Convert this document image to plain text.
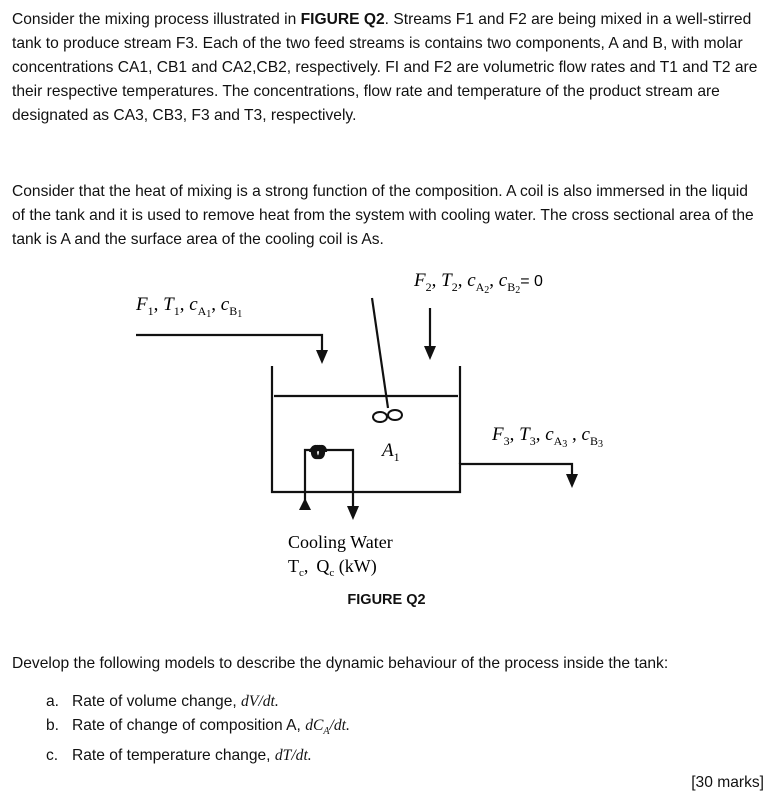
Consider the mixing process illustrated in FIGURE Q2. Streams F1 and F2 are being mixed in a well-stirred tank to produce stream F3. Each of the two feed streams is contains two components, A and B, with molar concentrations CA1, CB1 and CA2,CB2, respectively. FI and F2 are volumetric flow rates and T1 and T2 are their respective temperatures. The concentrations, flow rate and temperature of the product stream are designated as CA3, CB3, F3 and T3, respectively.
Consider that the heat of mixing is a strong function of the composition. A coil is also immersed in the liquid of the tank and it is used to remove heat from the system with cooling water. The cross sectional area of the tank is A and the surface area of the cooling coil is As.
$F_1$, $T_1$, $c_A1$, $c_B1$
$F_2$, $T_2$, $c_A2$, $c_B2^{= 0}$
$F_3$, $T_3$, $c_A3$ , $c_B3$
$A_1$
Cooling Water
$T_c$, $Q_c$ (kW)
FIGURE Q2
Develop the following models to describe the dynamic behaviour of the process inside the tank:
a. Rate of volume change, dV/dt.
b. Rate of change of composition A, $dC_A/dt$.
c. Rate of temperature change, dT/dt.
[30 marks]
